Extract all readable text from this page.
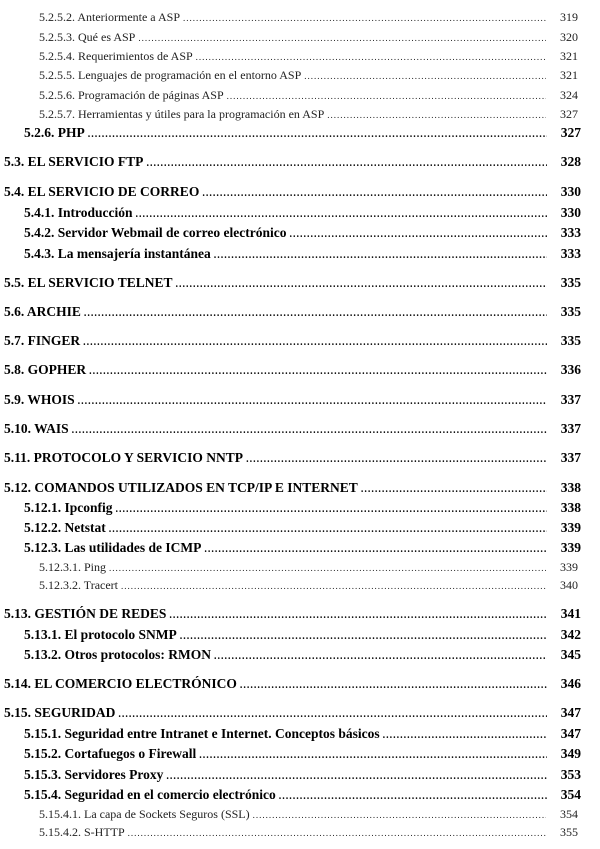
5.2.5.2. Anteriormente a ASP .....	319
5.2.5.3. Qué es ASP .....	320
5.2.5.4. Requerimientos de ASP .....	321
5.2.5.5. Lenguajes de programación en el entorno ASP .....	321
5.2.5.6. Programación de páginas ASP .....	324
5.2.5.7. Herramientas y útiles para la programación en ASP .....	327
5.2.6. PHP .....	327
5.3. EL SERVICIO FTP .....	328
5.4. EL SERVICIO DE CORREO .....	330
5.4.1. Introducción .....	330
5.4.2. Servidor Webmail de correo electrónico .....	333
5.4.3. La mensajería instantánea .....	333
5.5. EL SERVICIO TELNET .....	335
5.6. ARCHIE .....	335
5.7. FINGER .....	335
5.8. GOPHER .....	336
5.9. WHOIS .....	337
5.10. WAIS .....	337
5.11. PROTOCOLO Y SERVICIO NNTP .....	337
5.12. COMANDOS UTILIZADOS EN TCP/IP E INTERNET .....	338
5.12.1. Ipconfig .....	338
5.12.2. Netstat .....	339
5.12.3. Las utilidades de ICMP .....	339
5.12.3.1. Ping .....	339
5.12.3.2. Tracert .....	340
5.13. GESTIÓN DE REDES .....	341
5.13.1. El protocolo SNMP .....	342
5.13.2. Otros protocolos: RMON .....	345
5.14. EL COMERCIO ELECTRÓNICO .....	346
5.15. SEGURIDAD .....	347
5.15.1. Seguridad entre Intranet e Internet. Conceptos básicos .....	347
5.15.2. Cortafuegos o Firewall .....	349
5.15.3. Servidores Proxy .....	353
5.15.4. Seguridad en el comercio electrónico .....	354
5.15.4.1. La capa de Sockets Seguros (SSL) .....	354
5.15.4.2. S-HTTP .....	355
